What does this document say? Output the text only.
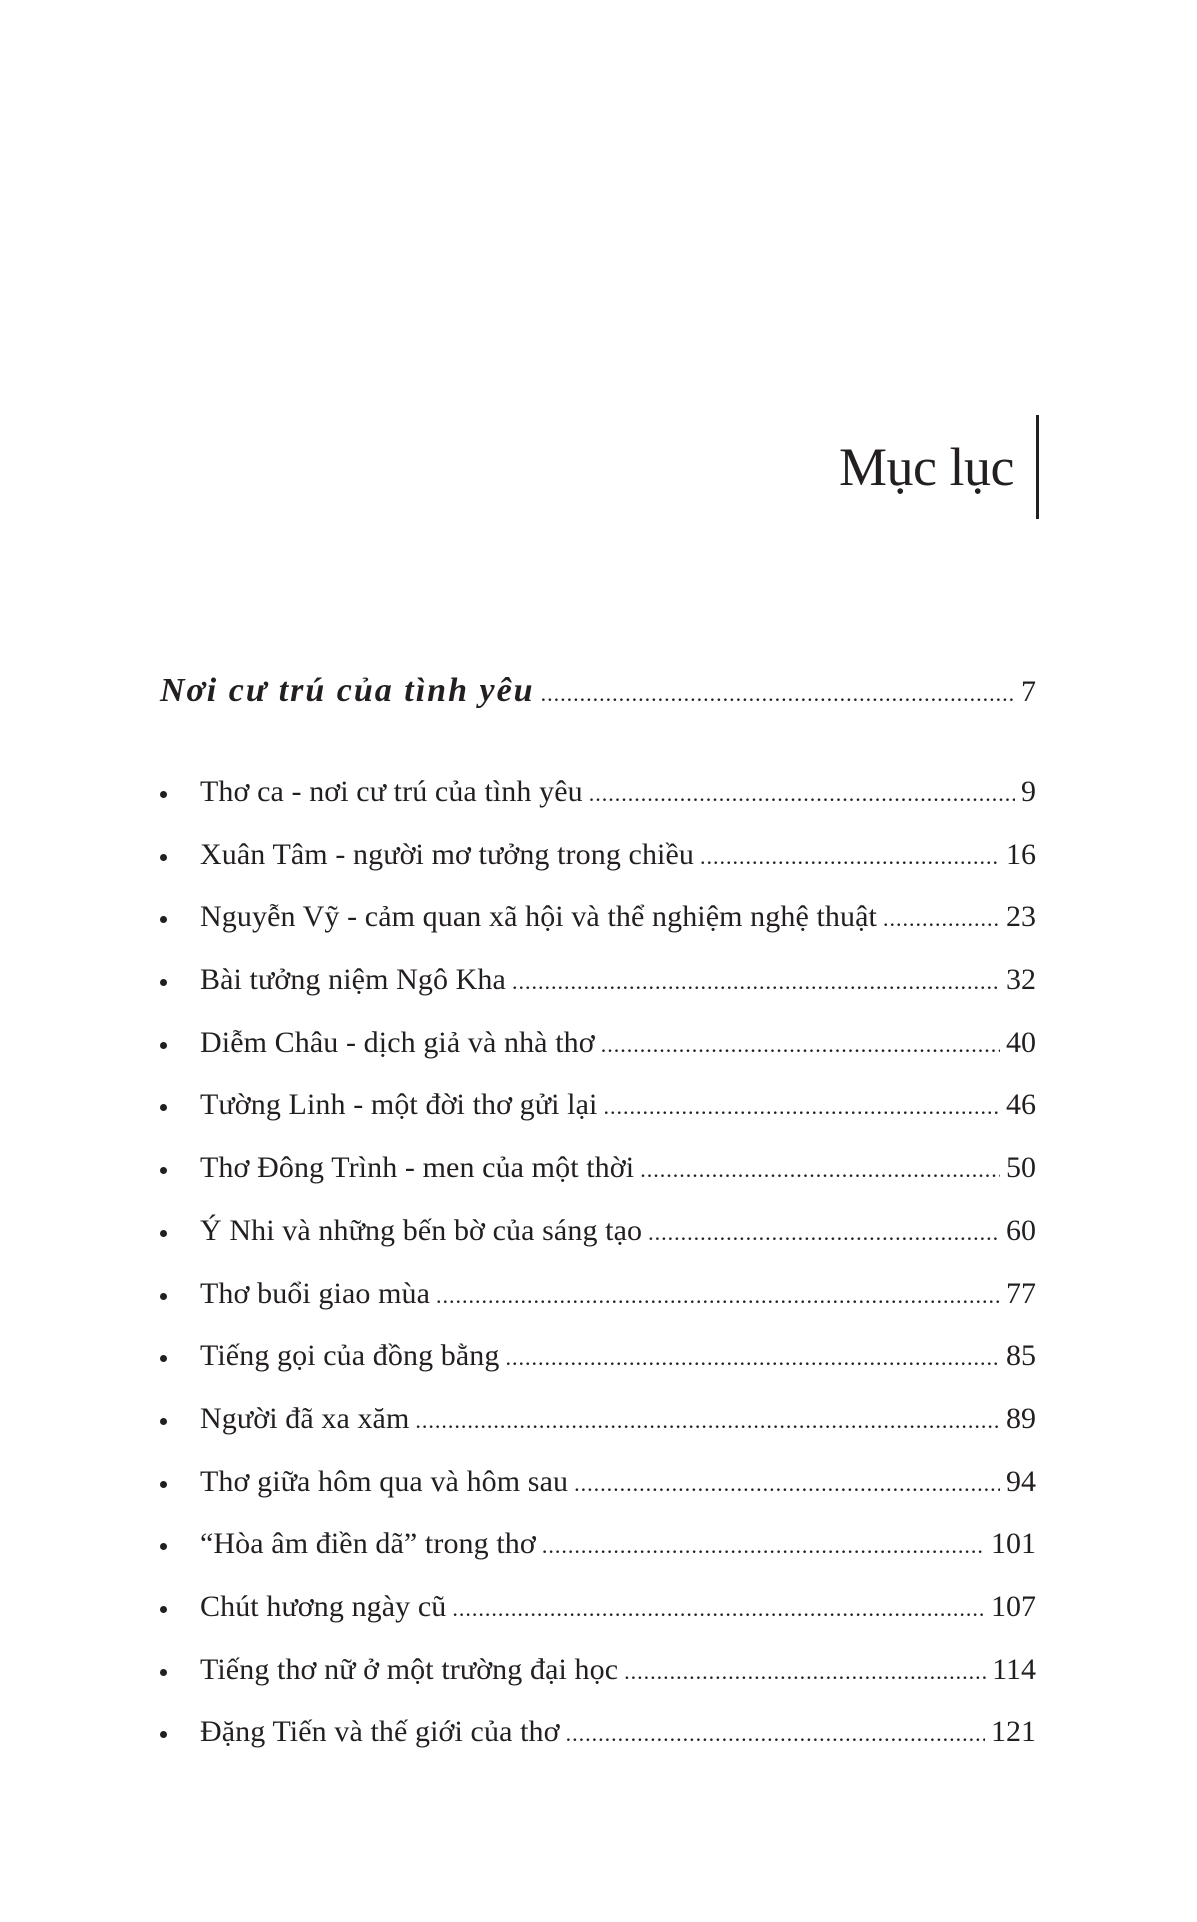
Mục lục
Nơi cư trú của tình yêu .....	7
Thơ ca - nơi cư trú của tình yêu .....	9
Xuân Tâm - người mơ tưởng trong chiều .....	16
Nguyễn Vỹ - cảm quan xã hội và thể nghiệm nghệ thuật .....	23
Bài tưởng niệm Ngô Kha .....	32
Diễm Châu - dịch giả và nhà thơ .....	40
Tường Linh - một đời thơ gửi lại .....	46
Thơ Đông Trình - men của một thời .....	50
Ý Nhi và những bến bờ của sáng tạo .....	60
Thơ buổi giao mùa .....	77
Tiếng gọi của đồng bằng .....	85
Người đã xa xăm .....	89
Thơ giữa hôm qua và hôm sau .....	94
“Hòa âm điền dã” trong thơ .....	101
Chút hương ngày cũ .....	107
Tiếng thơ nữ ở một trường đại học .....	114
Đặng Tiến và thế giới của thơ .....	121
